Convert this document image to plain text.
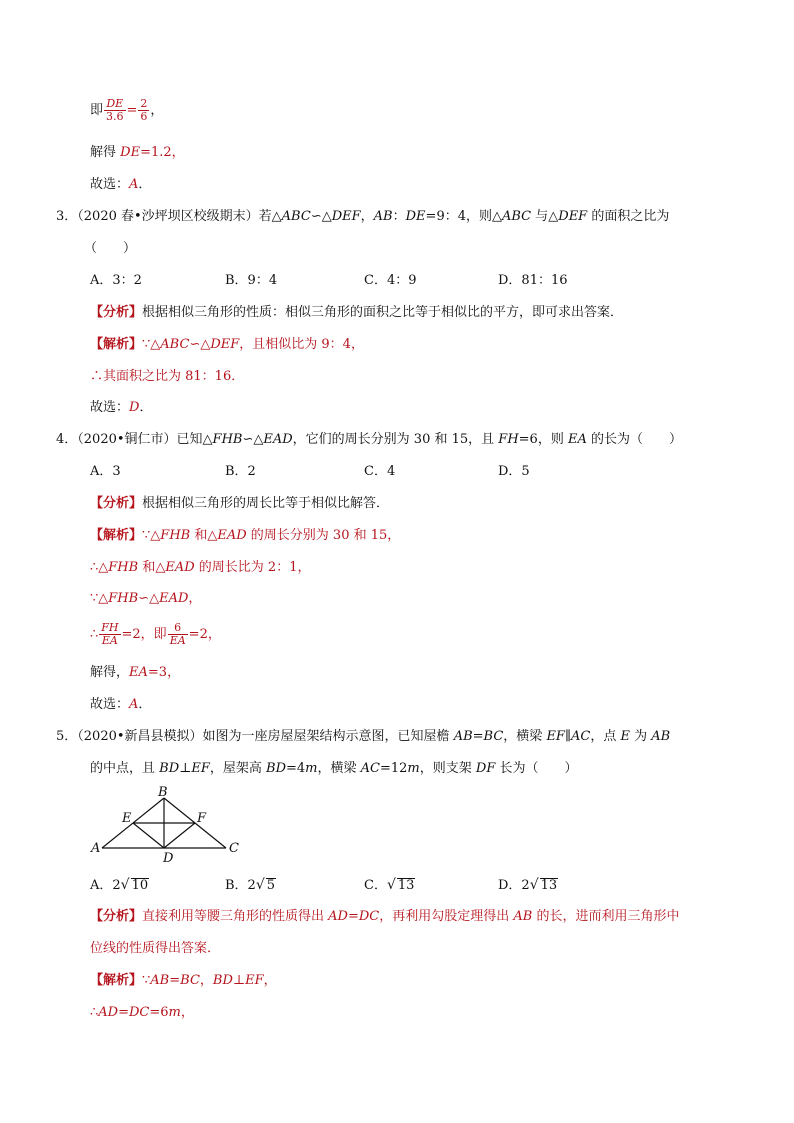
即 $\frac{DE}{3.6} = \frac{2}{6}$ ，
解得 DE=1.2，
故选：A．
3．（2020 春•沙坪坝区校级期末）若△ABC∽△DEF，AB：DE=9：4，则△ABC 与△DEF 的面积之比为
（　　）
A．3：2	B．9：4	C．4：9	D．81：16
【分析】根据相似三角形的性质：相似三角形的面积之比等于相似比的平方，即可求出答案．
【解析】∵△ABC∽△DEF，且相似比为 9：4，
∴其面积之比为 81：16．
故选：D．
4．（2020•铜仁市）已知△FHB∽△EAD，它们的周长分别为 30 和 15，且 FH=6，则 EA 的长为（　　）
A．3	B．2	C．4	D．5
【分析】根据相似三角形的周长比等于相似比解答．
【解析】∵△FHB 和△EAD 的周长分别为 30 和 15，
∴△FHB 和△EAD 的周长比为 2：1，
∵△FHB∽△EAD，
∴ $\frac{FH}{EA} =2$，即 $\frac{6}{EA} =2$，
解得，EA=3，
故选：A．
5．（2020•新昌县模拟）如图为一座房屋屋架结构示意图，已知屋檐 AB=BC，横梁 EF∥AC，点 E 为 AB
的中点，且 BD⊥EF，屋架高 BD=4m，横梁 AC=12m，则支架 DF 长为（　　）
A
B
C
D
E	F
A．2√ 10	B．2√ 5	C．√ 13	D．2√ 13
【分析】直接利用等腰三角形的性质得出 AD=DC，再利用勾股定理得出 AB 的长，进而利用三角形中
位线的性质得出答案．
【解析】∵AB=BC，BD⊥EF，
∴AD=DC=6m，
